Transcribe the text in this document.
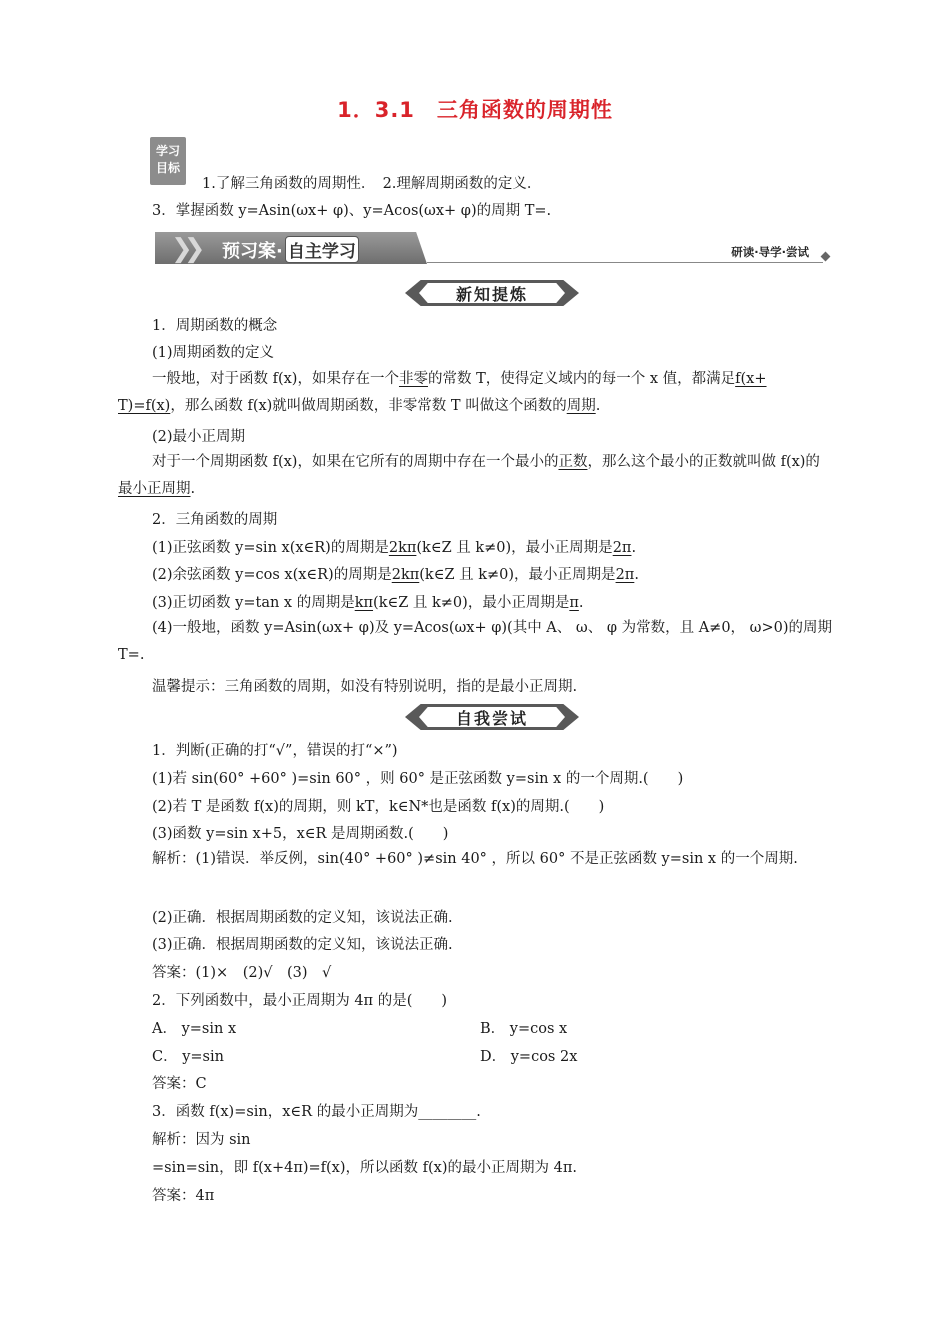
1．3.1　三角函数的周期性
学习
目标
1.了解三角函数的周期性．　2.理解周期函数的定义．
3．掌握函数 y=Asin(ωx+ φ)、y=Acos(ωx+ φ)的周期 T=.
❯❯ 预习案· 自主学习	研读·导学·尝试
新知提炼
1．周期函数的概念
(1)周期函数的定义
一般地，对于函数 f(x)，如果存在一个非零的常数 T，使得定义域内的每一个 x 值，都满足f(x+ T)=f(x)，那么函数 f(x)就叫做周期函数，非零常数 T 叫做这个函数的周期.
(2)最小正周期
对于一个周期函数 f(x)，如果在它所有的周期中存在一个最小的正数，那么这个最小的正数就叫做 f(x)的最小正周期.
2．三角函数的周期
(1)正弦函数 y=sin x(x∈R)的周期是2kπ(k∈Z 且 k≠0)，最小正周期是2π.
(2)余弦函数 y=cos x(x∈R)的周期是2kπ(k∈Z 且 k≠0)，最小正周期是2π.
(3)正切函数 y=tan x 的周期是kπ(k∈Z 且 k≠0)，最小正周期是π.
(4)一般地，函数 y=Asin(ωx+ φ)及 y=Acos(ωx+ φ)(其中 A、 ω、 φ 为常数，且 A≠0， ω>0)的周期 T=.
温馨提示：三角函数的周期，如没有特别说明，指的是最小正周期.
自我尝试
1．判断(正确的打“√”，错误的打“×”)
(1)若 sin(60° +60° )=sin 60° ，则 60° 是正弦函数 y=sin x 的一个周期.(　　)
(2)若 T 是函数 f(x)的周期，则 kT，k∈N*也是函数 f(x)的周期.(　　)
(3)函数 y=sin x+5，x∈R 是周期函数.(　　)
解析：(1)错误．举反例，sin(40° +60° )≠sin 40° ，所以 60° 不是正弦函数 y=sin x 的一个周期.
(2)正确．根据周期函数的定义知，该说法正确.
(3)正确．根据周期函数的定义知，该说法正确.
答案：(1)×　(2)√　(3)　√
2．下列函数中，最小正周期为 4π 的是(　　)
A． y=sin x	B． y=cos x
C． y=sin	D． y=cos 2x
答案：C
3．函数 f(x)=sin，x∈R 的最小正周期为________.
解析：因为 sin
=sin=sin，即 f(x+4π)=f(x)，所以函数 f(x)的最小正周期为 4π.
答案：4π
